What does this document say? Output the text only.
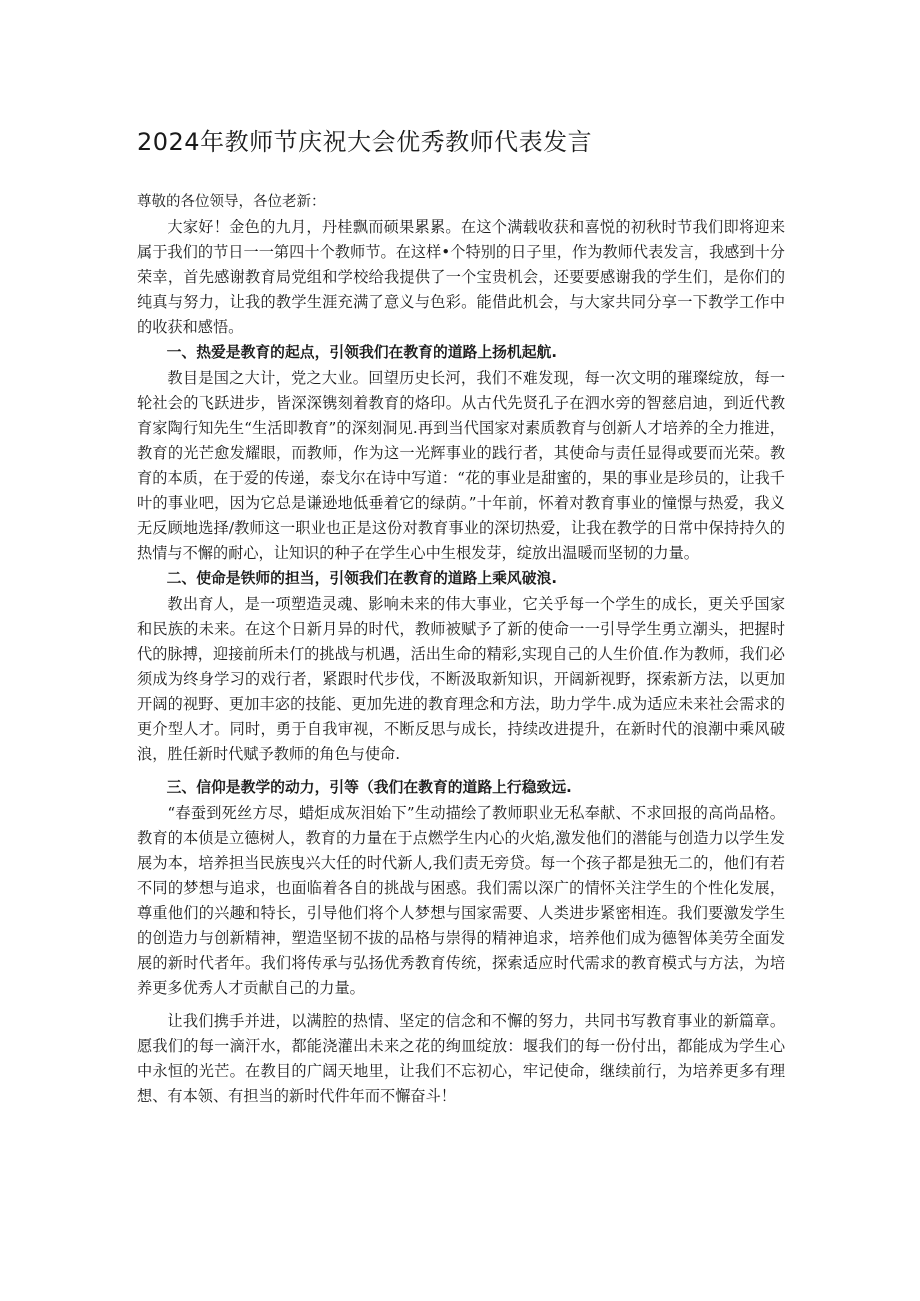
2024年教师节庆祝大会优秀教师代表发言

尊敬的各位领导，各位老新：

大家好！金色的九月，丹桂飘而硕果累累。在这个满载收获和喜悦的初秋时节我们即将迎来属于我们的节日一一第四十个教师节。在这样•个特别的日子里，作为教师代表发言，我感到十分荣幸，首先感谢教育局党组和学校给我提供了一个宝贵机会，还要要感谢我的学生们，是你们的纯真与努力，让我的教学生涯充满了意义与色彩。能借此机会，与大家共同分享一下教学工作中的收获和感悟。

一、热爱是教育的起点，引领我们在教育的道路上扬机起航.

教目是国之大计，党之大业。回望历史长河，我们不难发现，每一次文明的璀璨绽放，每一轮社会的飞跃进步，皆深深镌刻着教育的烙印。从古代先贤孔子在泗水旁的智慈启迪，到近代教育家陶行知先生“生活即教育”的深刻洞见.再到当代国家对素质教育与创新人才培养的全力推进，教育的光芒愈发耀眼，而教师，作为这一光辉事业的践行者，其使命与责任显得或要而光荣。教育的本质，在于爱的传递，泰戈尔在诗中写道：“花的事业是甜蜜的，果的事业是珍员的，让我千叶的事业吧，因为它总是谦逊地低垂着它的绿荫。”十年前，怀着对教育事业的憧憬与热爱，我义无反顾地选择/教师这一职业也正是这份对教育事业的深切热爱，让我在教学的日常中保持持久的热情与不懈的耐心，让知识的种子在学生心中生根发芽，绽放出温暖而坚韧的力量。

二、使命是铁师的担当，引领我们在教育的道路上乘风破浪.

教出育人，是一项塑造灵魂、影响未来的伟大事业，它关乎每一个学生的成长，更关乎国家和民族的未来。在这个日新月异的时代，教师被赋予了新的使命一一引导学生勇立潮头，把握时代的脉搏，迎接前所未仃的挑战与机遇，活出生命的精彩,实现自己的人生价值.作为教师，我们必须成为终身学习的戏行者，紧跟时代步伐，不断汲取新知识，开阔新视野，探索新方法，以更加开阔的视野、更加丰宓的技能、更加先进的教育理念和方法，助力学牛.成为适应未来社会需求的更介型人才。同时，勇于自我审视，不断反思与成长，持续改进提升，在新时代的浪潮中乘风破浪，胜任新时代赋予教师的角色与使命.

三、信仰是教学的动力，引等（我们在教育的道路上行稳致远.

“春蚕到死丝方尽，蜡炬成灰泪始下”生动描绘了教师职业无私奉献、不求回报的高尚品格。教育的本侦是立德树人，教育的力量在于点燃学生内心的火焰,激发他们的潜能与创造力以学生发展为本，培养担当民族曳兴大任的时代新人,我们责无旁贷。每一个孩子都是独无二的，他们有若不同的梦想与追求，也面临着各自的挑战与困惑。我们需以深广的情怀关注学生的个性化发展，尊重他们的兴趣和特长，引导他们将个人梦想与国家需要、人类进步紧密相连。我们要激发学生的创造力与创新精神，塑造坚韧不拔的品格与崇得的精神追求，培养他们成为德智体美劳全面发展的新时代者年。我们将传承与弘扬优秀教育传统，探索适应时代需求的教育模式与方法，为培养更多优秀人才贡献自己的力量。

让我们携手并进，以满腔的热情、坚定的信念和不懈的努力，共同书写教育事业的新篇章。愿我们的每一滴汗水，都能浇灌出未来之花的绚皿绽放：堰我们的每一份付出，都能成为学生心中永恒的光芒。在教目的广阔天地里，让我们不忘初心，牢记使命，继续前行，为培养更多有理想、有本领、有担当的新时代件年而不懈奋斗！
